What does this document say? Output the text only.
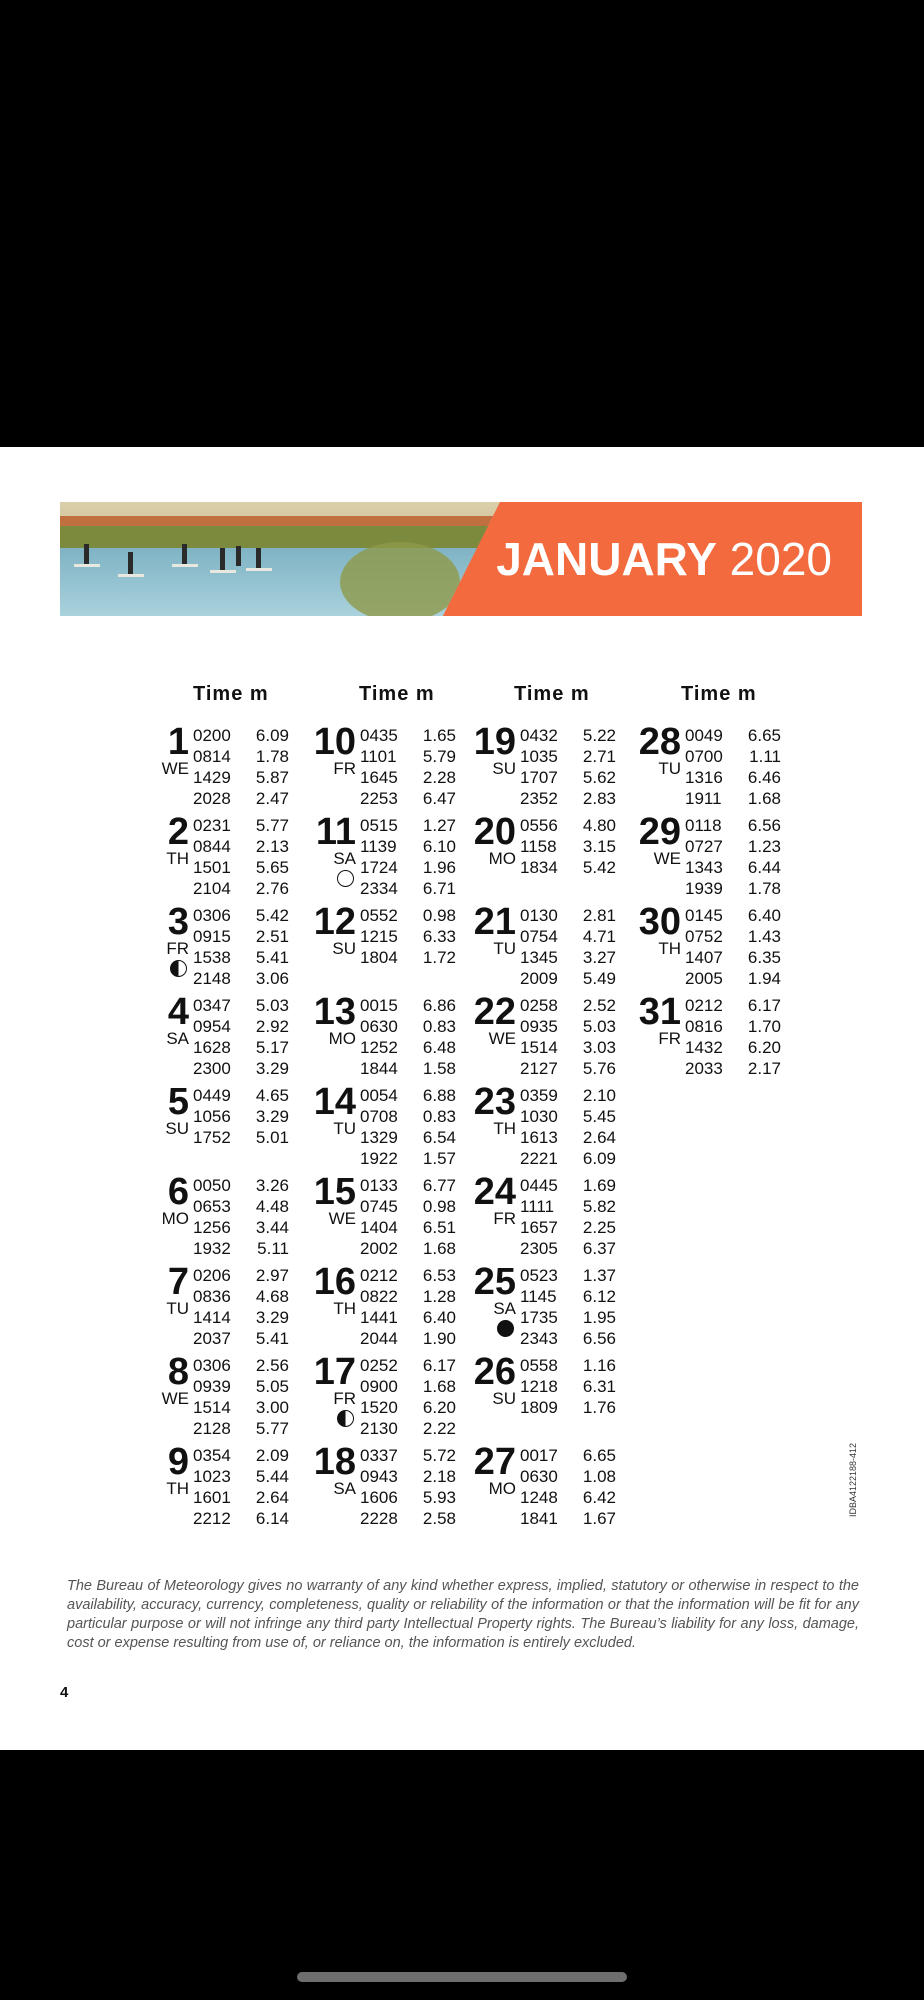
JANUARY 2020
Time m	Time m	Time m	Time m
1
WE
0200	6.09
0814	1.78
1429	5.87
2028	2.47
2
TH
0231	5.77
0844	2.13
1501	5.65
2104	2.76
3
FR
0306	5.42
0915	2.51
1538	5.41
2148	3.06
4
SA
0347	5.03
0954	2.92
1628	5.17
2300	3.29
5
SU
0449	4.65
1056	3.29
1752	5.01
6
MO
0050	3.26
0653	4.48
1256	3.44
1932	5.11
7
TU
0206	2.97
0836	4.68
1414	3.29
2037	5.41
8
WE
0306	2.56
0939	5.05
1514	3.00
2128	5.77
9
TH
0354	2.09
1023	5.44
1601	2.64
2212	6.14
10
FR
0435	1.65
1101	5.79
1645	2.28
2253	6.47
11
SA
0515	1.27
1139	6.10
1724	1.96
2334	6.71
12
SU
0552	0.98
1215	6.33
1804	1.72
13
MO
0015	6.86
0630	0.83
1252	6.48
1844	1.58
14
TU
0054	6.88
0708	0.83
1329	6.54
1922	1.57
15
WE
0133	6.77
0745	0.98
1404	6.51
2002	1.68
16
TH
0212	6.53
0822	1.28
1441	6.40
2044	1.90
17
FR
0252	6.17
0900	1.68
1520	6.20
2130	2.22
18
SA
0337	5.72
0943	2.18
1606	5.93
2228	2.58
19
SU
0432	5.22
1035	2.71
1707	5.62
2352	2.83
20
MO
0556	4.80
1158	3.15
1834	5.42
21
TU
0130	2.81
0754	4.71
1345	3.27
2009	5.49
22
WE
0258	2.52
0935	5.03
1514	3.03
2127	5.76
23
TH
0359	2.10
1030	5.45
1613	2.64
2221	6.09
24
FR
0445	1.69
1111	5.82
1657	2.25
2305	6.37
25
SA
0523	1.37
1145	6.12
1735	1.95
2343	6.56
26
SU
0558	1.16
1218	6.31
1809	1.76
27
MO
0017	6.65
0630	1.08
1248	6.42
1841	1.67
28
TU
0049	6.65
0700	1.11
1316	6.46
1911	1.68
29
WE
0118	6.56
0727	1.23
1343	6.44
1939	1.78
30
TH
0145	6.40
0752	1.43
1407	6.35
2005	1.94
31
FR
0212	6.17
0816	1.70
1432	6.20
2033	2.17
The Bureau of Meteorology gives no warranty of any kind whether express, implied, statutory or otherwise in respect to the availability, accuracy, currency, completeness, quality or reliability of the information or that the information will be fit for any particular purpose or will not infringe any third party Intellectual Property rights. The Bureau’s liability for any loss, damage, cost or expense resulting from use of, or reliance on, the information is entirely excluded.
4
IDBA4122188-412
